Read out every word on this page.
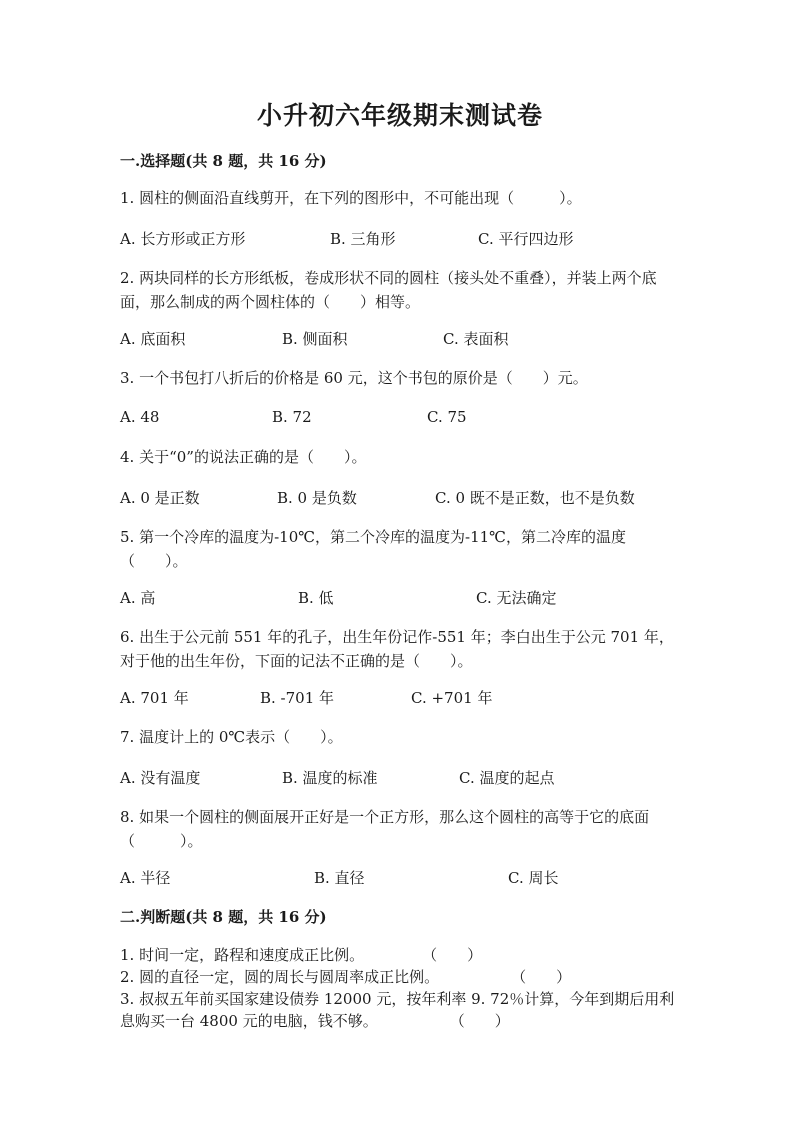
小升初六年级期末测试卷
一.选择题(共 8 题，共 16 分)
1. 圆柱的侧面沿直线剪开，在下列的图形中，不可能出现（　　　）。
A. 长方形或正方形	B. 三角形	C. 平行四边形
2. 两块同样的长方形纸板，卷成形状不同的圆柱（接头处不重叠），并装上两个底面，那么制成的两个圆柱体的（　　）相等。
A. 底面积	B. 侧面积	C. 表面积
3. 一个书包打八折后的价格是 60 元，这个书包的原价是（　　）元。
A. 48	B. 72	C. 75
4. 关于“0”的说法正确的是（　　）。
A. 0 是正数	B. 0 是负数	C. 0 既不是正数，也不是负数
5. 第一个冷库的温度为-10℃，第二个冷库的温度为-11℃，第二冷库的温度（　　）。
A. 高	B. 低	C. 无法确定
6. 出生于公元前 551 年的孔子，出生年份记作-551 年；李白出生于公元 701 年，对于他的出生年份，下面的记法不正确的是（　　）。
A. 701 年	B. -701 年	C. +701 年
7. 温度计上的 0℃表示（　　）。
A. 没有温度	B. 温度的标准	C. 温度的起点
8. 如果一个圆柱的侧面展开正好是一个正方形，那么这个圆柱的高等于它的底面（　　　）。
A. 半径	B. 直径	C. 周长
二.判断题(共 8 题，共 16 分)
1. 时间一定，路程和速度成正比例。	（　　）
2. 圆的直径一定，圆的周长与圆周率成正比例。	（　　）
3. 叔叔五年前买国家建设债券 12000 元，按年利率 9. 72％计算，今年到期后用利息购买一台 4800 元的电脑，钱不够。	（　　）
